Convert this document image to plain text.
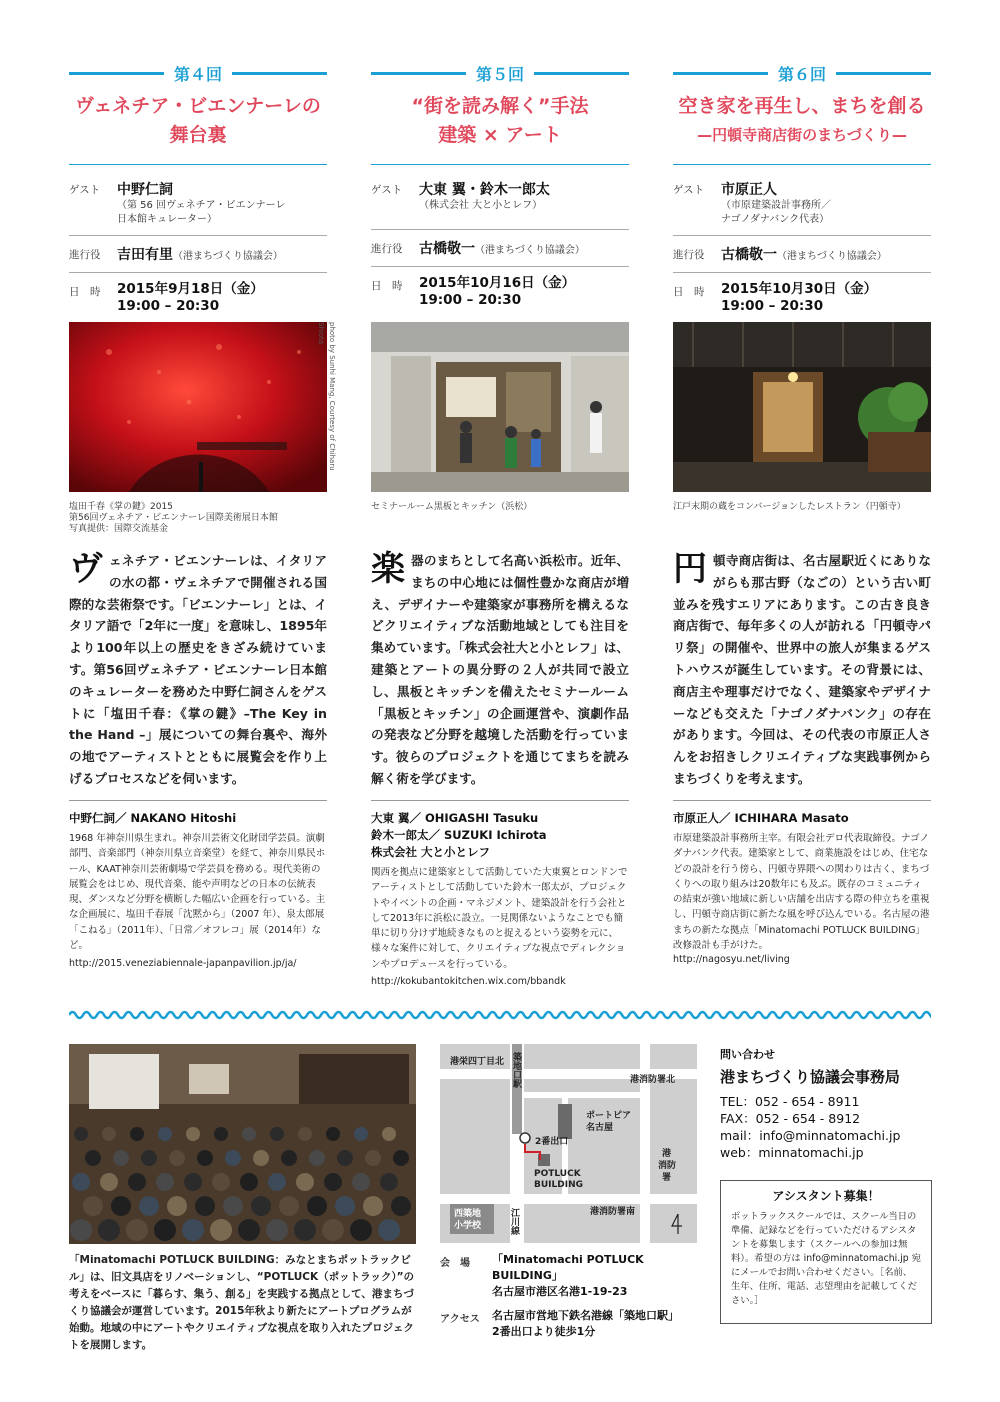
第４回
ヴェネチア・ビエンナーレの
舞台裏
ゲスト	中野仁詞
（第 56 回ヴェネチア・ビエンナーレ
日本館キュレーター）
進行役	吉田有里（港まちづくり協議会）
日　時	2015年9月18日（金）
19:00 – 20:30
第５回
“街を読み解く”手法
建築 × アート
ゲスト	大東 翼・鈴木一郎太
（株式会社 大と小とレフ）
進行役	古橋敬一（港まちづくり協議会）
日　時	2015年10月16日（金）
19:00 – 20:30
第６回
空き家を再生し、まちを創る
—円頓寺商店街のまちづくり—
ゲスト	市原正人
（市原建築設計事務所／
ナゴノダナバンク代表）
進行役	古橋敬一（港まちづくり協議会）
日　時	2015年10月30日（金）
19:00 – 20:30
photo by Sunhi Mang, Courtesy of Chiharu Shiota
塩田千春《掌の鍵》2015
第56回ヴェネチア・ビエンナーレ国際美術展日本館
写真提供：国際交流基金
セミナールーム黒板とキッチン（浜松）	江戸末期の蔵をコンバージョンしたレストラン（円頓寺）
ヴェネチア・ビエンナーレは、イタリアの水の都・ヴェネチアで開催される国際的な芸術祭です。「ビエンナーレ」とは、イタリア語で「2年に一度」を意味し、1895年より100年以上の歴史をきざみ続けています。第56回ヴェネチア・ビエンナーレ日本館のキュレーターを務めた中野仁詞さんをゲストに「塩田千春：《掌の鍵》–The Key in the Hand –」展についての舞台裏や、海外の地でアーティストとともに展覧会を作り上げるプロセスなどを伺います。
楽器のまちとして名高い浜松市。近年、まちの中心地には個性豊かな商店が増え、デザイナーや建築家が事務所を構えるなどクリエイティブな活動地域としても注目を集めています。「株式会社大と小とレフ」は、建築とアートの異分野の２人が共同で設立し、黒板とキッチンを備えたセミナールーム「黒板とキッチン」の企画運営や、演劇作品の発表など分野を越境した活動を行っています。彼らのプロジェクトを通じてまちを読み解く術を学びます。
円頓寺商店街は、名古屋駅近くにありながらも那古野（なごの）という古い町並みを残すエリアにあります。この古き良き商店街で、毎年多くの人が訪れる「円頓寺パリ祭」の開催や、世界中の旅人が集まるゲストハウスが誕生しています。その背景には、商店主や理事だけでなく、建築家やデザイナーなども交えた「ナゴノダナバンク」の存在があります。今回は、その代表の市原正人さんをお招きしクリエイティブな実践事例からまちづくりを考えます。
中野仁詞／ NAKANO Hitoshi
1968 年神奈川県生まれ。神奈川芸術文化財団学芸員。演劇部門、音楽部門（神奈川県立音楽堂）を経て、神奈川県民ホール、KAAT神奈川芸術劇場で学芸員を務める。現代美術の展覧会をはじめ、現代音楽、能や声明などの日本の伝統表現、ダンスなど分野を横断した幅広い企画を行っている。主な企画展に、塩田千春展「沈黙から」（2007 年）、泉太郎展「こねる」（2011年）、「日常／オフレコ」展（2014年）など。
http://2015.veneziabiennale-japanpavilion.jp/ja/
大東 翼／ OHIGASHI Tasuku
鈴木一郎太／ SUZUKI Ichirota
株式会社 大と小とレフ
関西を拠点に建築家として活動していた大東翼とロンドンでアーティストとして活動していた鈴木一郎太が、プロジェクトやイベントの企画・マネジメント、建築設計を行う会社として2013年に浜松に設立。一見関係ないようなことでも簡単に切り分けず地続きなものと捉えるという姿勢を元に、様々な案件に対して、クリエイティブな視点でディレクションやプロデュースを行っている。
http://kokubantokitchen.wix.com/bbandk
市原正人／ ICHIHARA Masato
市原建築設計事務所主宰。有限会社デロ代表取締役。ナゴノダナバンク代表。建築家として、商業施設をはじめ、住宅などの設計を行う傍ら、円頓寺界隈への関わりは古く、まちづくりへの取り組みは20数年にも及ぶ。既存のコミュニティの結束が強い地域に新しい店舗を出店する際の仲立ちを重視し、円頓寺商店街に新たな風を呼び込んでいる。名古屋の港まちの新たな拠点「Minatomachi POTLUCK BUILDING」改修設計も手がけた。
http://nagosyu.net/living
「Minatomachi POTLUCK BUILDING：みなとまちポットラックビル」は、旧文具店をリノベーションし、“POTLUCK（ポットラック）”の考えをベースに「暮らす、集う、創る」を実践する拠点として、港まちづくり協議会が運営しています。2015年秋より新たにアートプログラムが始動。地域の中にアートやクリエイティブな視点を取り入れたプロジェクトを展開します。
港栄四丁目北 築地口駅	港消防署北
ポートピア
名古屋
2番出口
POTLUCK
BUILDING
港
消防
署
港消防署南
西築地
小学校	江川線
会　場	「Minatomachi POTLUCK BUILDING」
名古屋市港区名港1-19-23
アクセス	名古屋市営地下鉄名港線「築地口駅」
2番出口より徒歩1分
問い合わせ
港まちづくり協議会事務局
TEL：052 - 654 - 8911
FAX：052 - 654 - 8912
mail：info@minnatomachi.jp
web：minnatomachi.jp
アシスタント募集！
ポットラックスクールでは、スクール当日の準備、記録などを行っていただけるアシスタントを募集します（スクールへの参加は無料）。希望の方は info@minnatomachi.jp 宛にメールでお問い合わせください。［名前、生年、住所、電話、志望理由を記載してください。］
